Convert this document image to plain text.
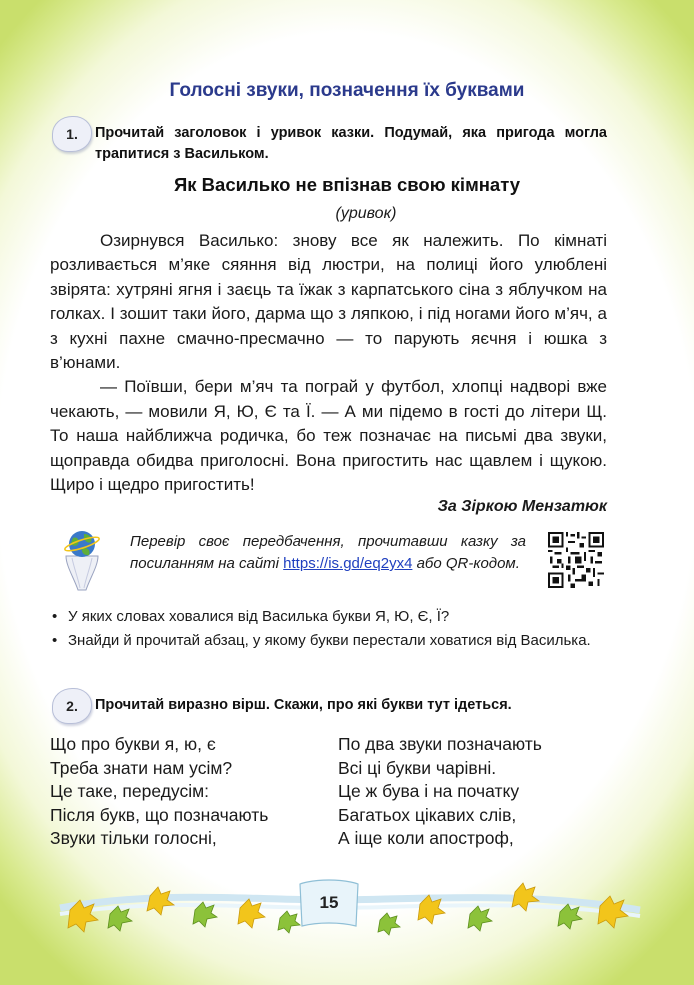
Голосні звуки, позначення їх буквами
1. Прочитай заголовок і уривок казки. Подумай, яка пригода могла трапитися з Васильком.
Як Василько не впізнав свою кімнату
(уривок)

Озирнувся Василько: знову все як належить. По кімнаті розливається м’яке сяяння від люстри, на полиці його улюблені звірята: хутряні ягня і заєць та їжак з карпатського сіна з яблучком на голках. І зошит таки його, дарма що з ляпкою, і під ногами його м’яч, а з кухні пахне смачно-пресмачно — то парують яєчня і юшка з в’юнами.

— Поївши, бери м’яч та пограй у футбол, хлопці надворі вже чекають, — мовили Я, Ю, Є та Ї. — А ми підемо в гості до літери Щ. То наша найближча родичка, бо теж позначає на письмі два звуки, щоправда обидва приголосні. Вона пригостить нас щавлем і щукою. Щиро і щедро пригостить!

За Зіркою Мензатюк
Перевір своє передбачення, прочитавши казку за посиланням на сайті https://is.gd/eq2yx4 або QR-кодом.
• У яких словах ховалися від Василька букви Я, Ю, Є, Ї?
• Знайди й прочитай абзац, у якому букви перестали ховатися від Василька.
2. Прочитай виразно вірш. Скажи, про які букви тут ідеться.
Що про букви я, ю, є
Треба знати нам усім?
Це таке, передусім:
Після букв, що позначають
Звуки тільки голосні,
По два звуки позначають
Всі ці букви чарівні.
Це ж бува і на початку
Багатьох цікавих слів,
А іще коли апостроф,
15
